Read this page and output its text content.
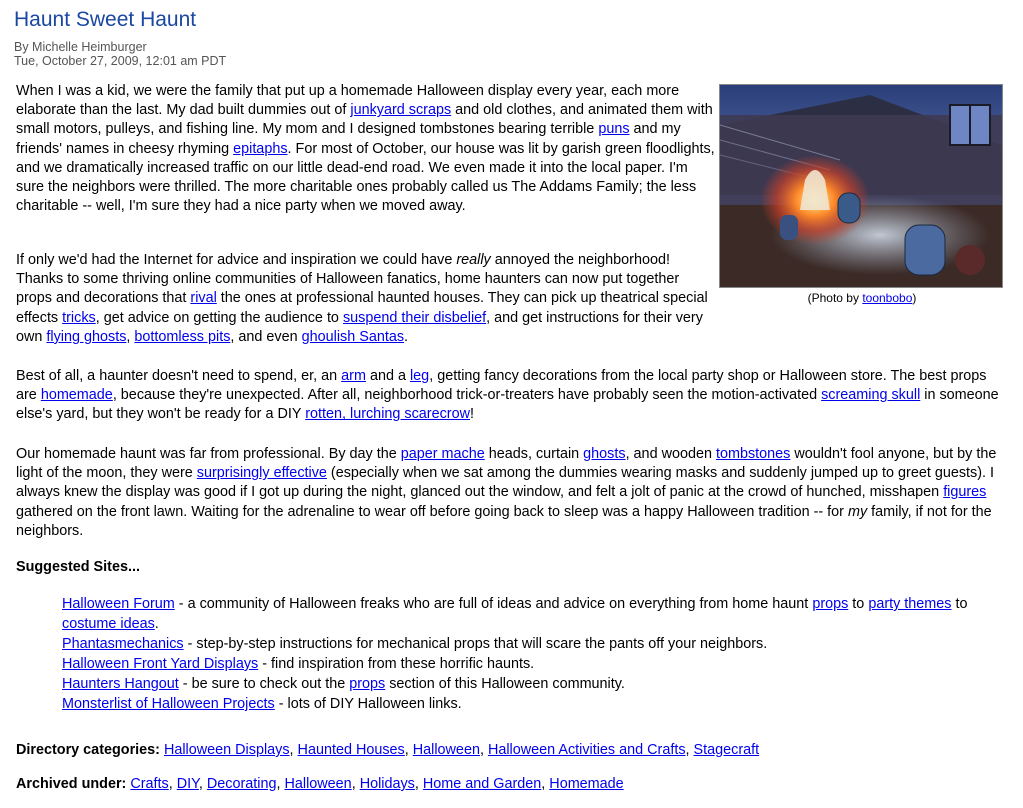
Haunt Sweet Haunt
By Michelle Heimburger
Tue, October 27, 2009, 12:01 am PDT
(Photo by toonbobo)

When I was a kid, we were the family that put up a homemade Halloween display every year, each more elaborate than the last. My dad built dummies out of junkyard scraps and old clothes, and animated them with small motors, pulleys, and fishing line. My mom and I designed tombstones bearing terrible puns and my friends' names in cheesy rhyming epitaphs. For most of October, our house was lit by garish green floodlights, and we dramatically increased traffic on our little dead-end road. We even made it into the local paper. I'm sure the neighbors were thrilled. The more charitable ones probably called us The Addams Family; the less charitable -- well, I'm sure they had a nice party when we moved away.

If only we'd had the Internet for advice and inspiration we could have really annoyed the neighborhood! Thanks to some thriving online communities of Halloween fanatics, home haunters can now put together props and decorations that rival the ones at professional haunted houses. They can pick up theatrical special effects tricks, get advice on getting the audience to suspend their disbelief, and get instructions for their very own flying ghosts, bottomless pits, and even ghoulish Santas.

Best of all, a haunter doesn't need to spend, er, an arm and a leg, getting fancy decorations from the local party shop or Halloween store. The best props are homemade, because they're unexpected. After all, neighborhood trick-or-treaters have probably seen the motion-activated screaming skull in someone else's yard, but they won't be ready for a DIY rotten, lurching scarecrow!

Our homemade haunt was far from professional. By day the paper mache heads, curtain ghosts, and wooden tombstones wouldn't fool anyone, but by the light of the moon, they were surprisingly effective (especially when we sat among the dummies wearing masks and suddenly jumped up to greet guests). I always knew the display was good if I got up during the night, glanced out the window, and felt a jolt of panic at the crowd of hunched, misshapen figures gathered on the front lawn. Waiting for the adrenaline to wear off before going back to sleep was a happy Halloween tradition -- for my family, if not for the neighbors.

Suggested Sites...
Halloween Forum - a community of Halloween freaks who are full of ideas and advice on everything from home haunt props to party themes to costume ideas.
Phantasmechanics - step-by-step instructions for mechanical props that will scare the pants off your neighbors.
Halloween Front Yard Displays - find inspiration from these horrific haunts.
Haunters Hangout - be sure to check out the props section of this Halloween community.
Monsterlist of Halloween Projects - lots of DIY Halloween links.
Directory categories: Halloween Displays, Haunted Houses, Halloween, Halloween Activities and Crafts, Stagecraft
Archived under: Crafts, DIY, Decorating, Halloween, Holidays, Home and Garden, Homemade
